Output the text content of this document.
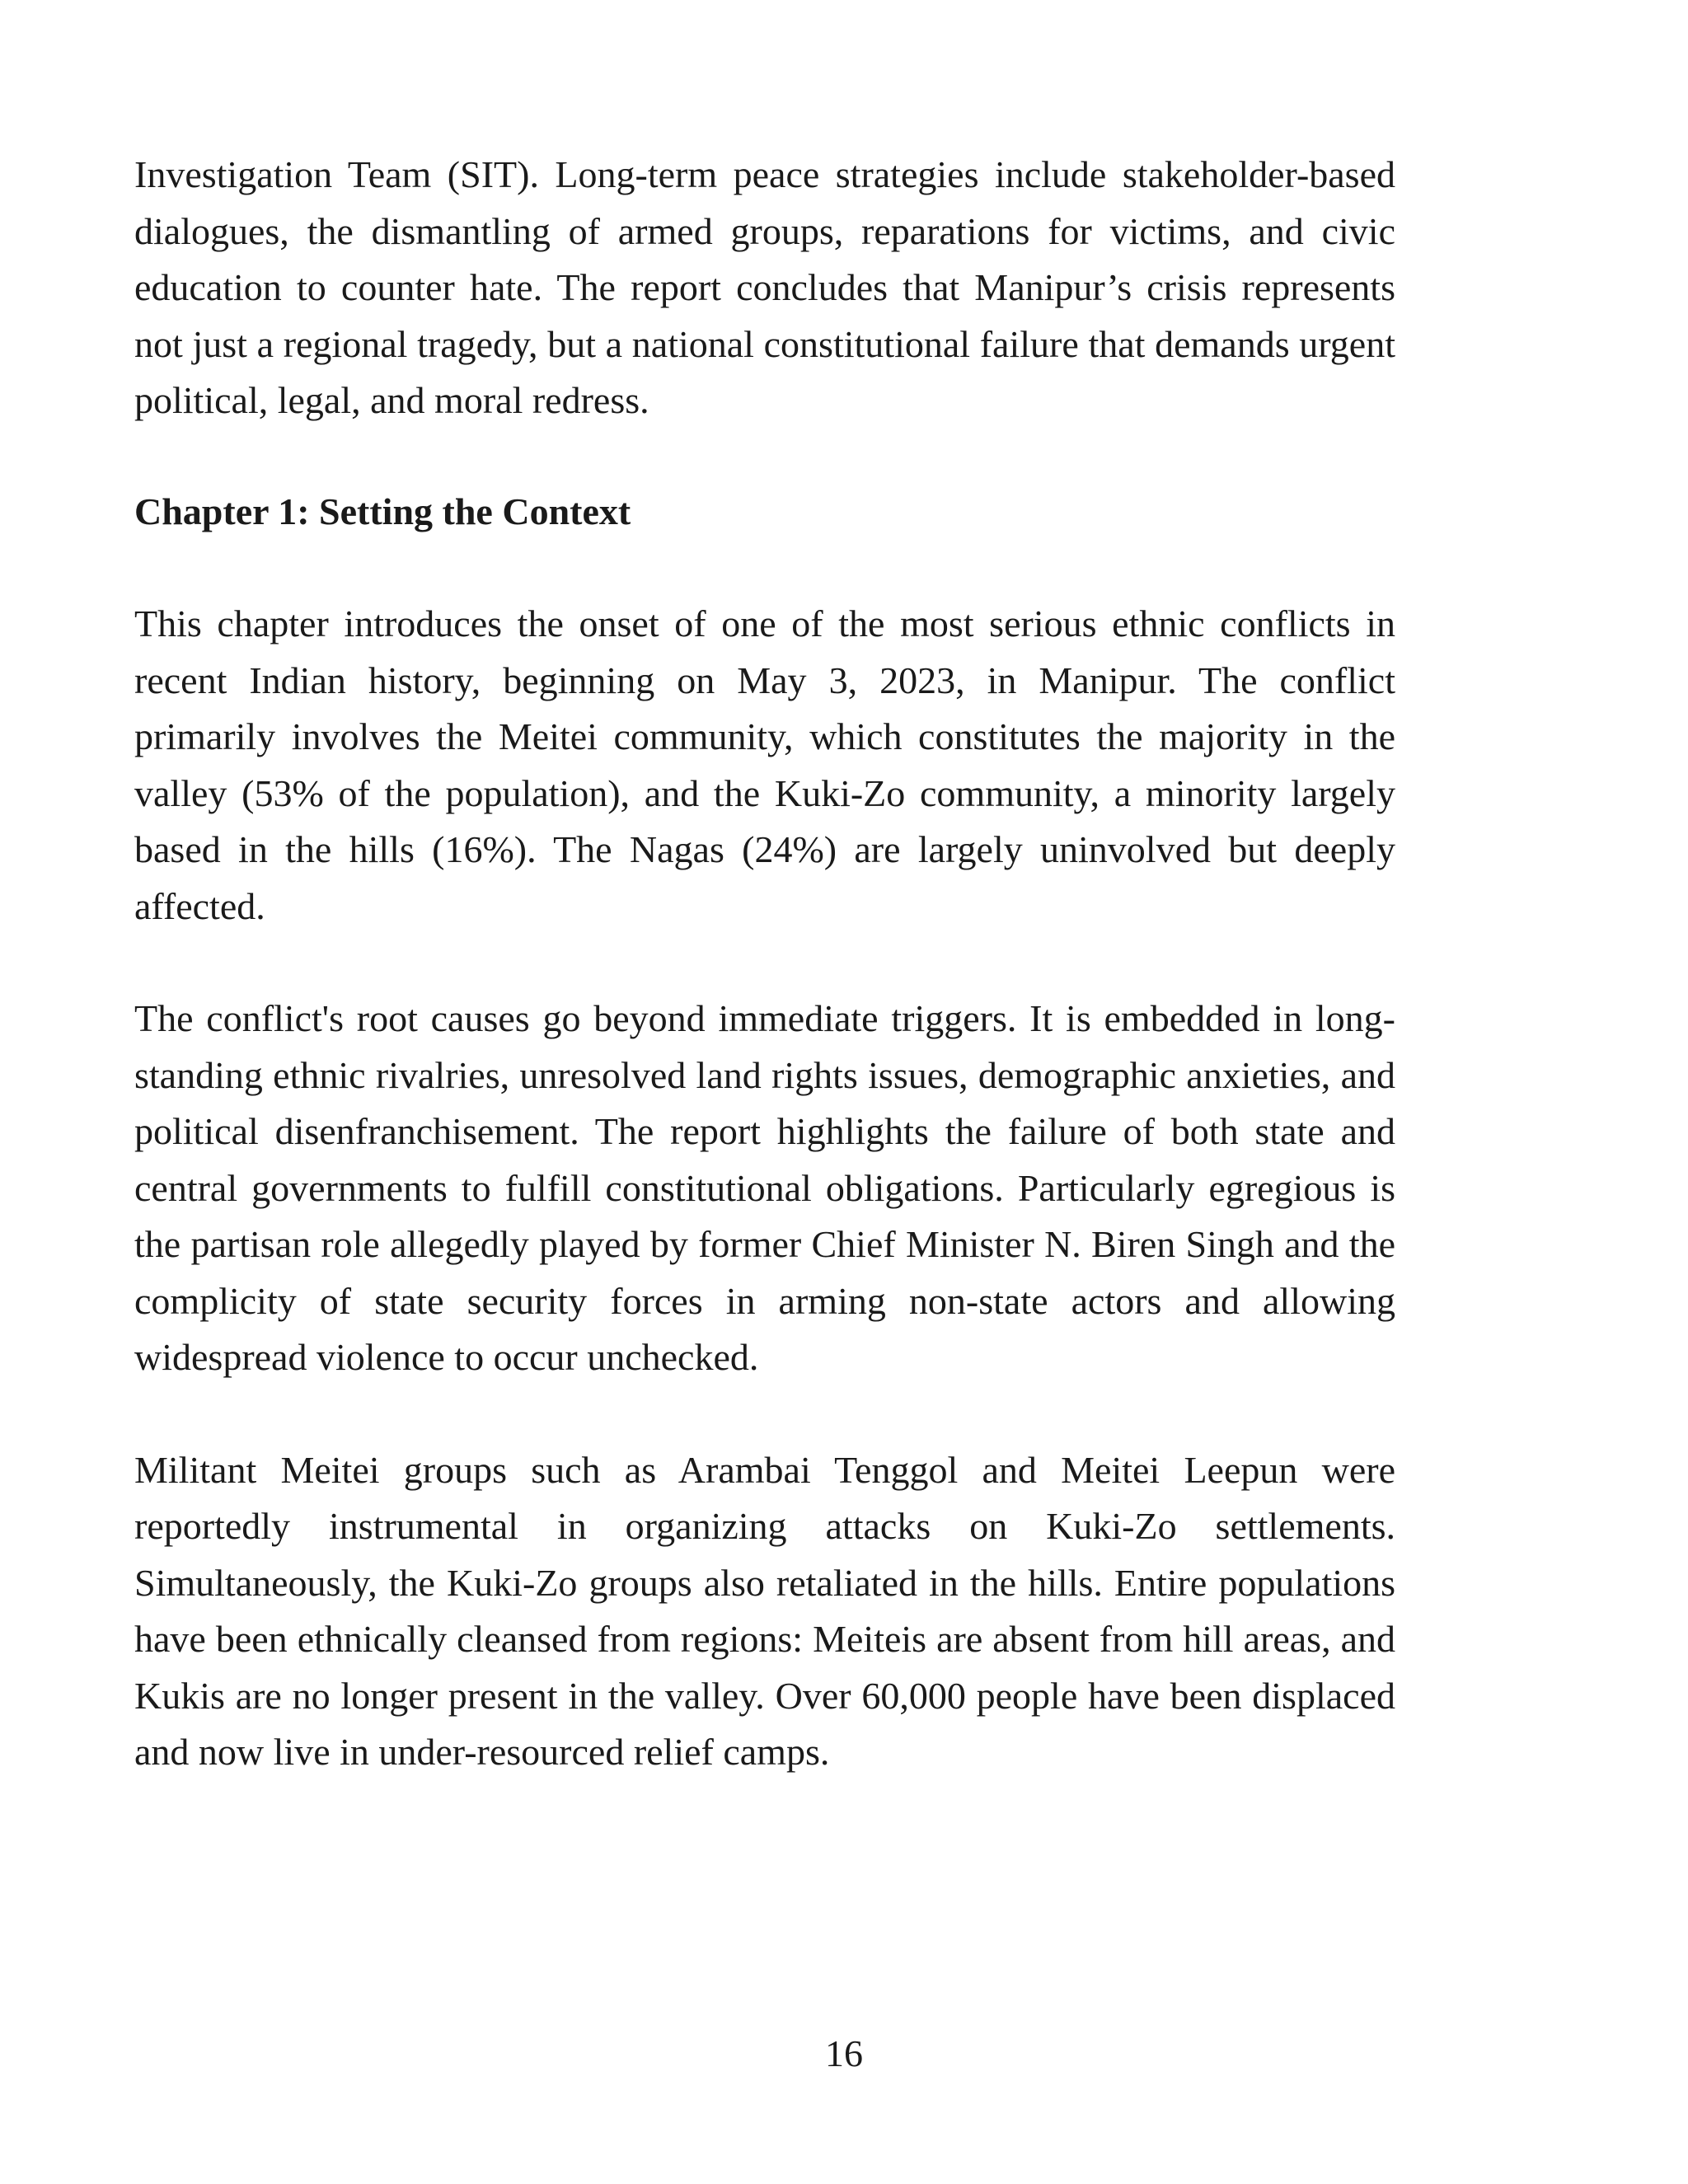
Investigation Team (SIT). Long-term peace strategies include stakeholder-based dialogues, the dismantling of armed groups, reparations for victims, and civic education to counter hate. The report concludes that Manipur’s crisis represents not just a regional tragedy, but a national constitutional failure that demands urgent political, legal, and moral redress.

Chapter 1: Setting the Context

This chapter introduces the onset of one of the most serious ethnic conflicts in recent Indian history, beginning on May 3, 2023, in Manipur. The conflict primarily involves the Meitei community, which constitutes the majority in the valley (53% of the population), and the Kuki-Zo community, a minority largely based in the hills (16%). The Nagas (24%) are largely uninvolved but deeply affected.

The conflict's root causes go beyond immediate triggers. It is embedded in long-standing ethnic rivalries, unresolved land rights issues, demographic anxieties, and political disenfranchisement. The report highlights the failure of both state and central governments to fulfill constitutional obligations. Particularly egregious is the partisan role allegedly played by former Chief Minister N. Biren Singh and the complicity of state security forces in arming non-state actors and allowing widespread violence to occur unchecked.

Militant Meitei groups such as Arambai Tenggol and Meitei Leepun were reportedly instrumental in organizing attacks on Kuki-Zo settlements. Simultaneously, the Kuki-Zo groups also retaliated in the hills. Entire populations have been ethnically cleansed from regions: Meiteis are absent from hill areas, and Kukis are no longer present in the valley. Over 60,000 people have been displaced and now live in under-resourced relief camps.

16
